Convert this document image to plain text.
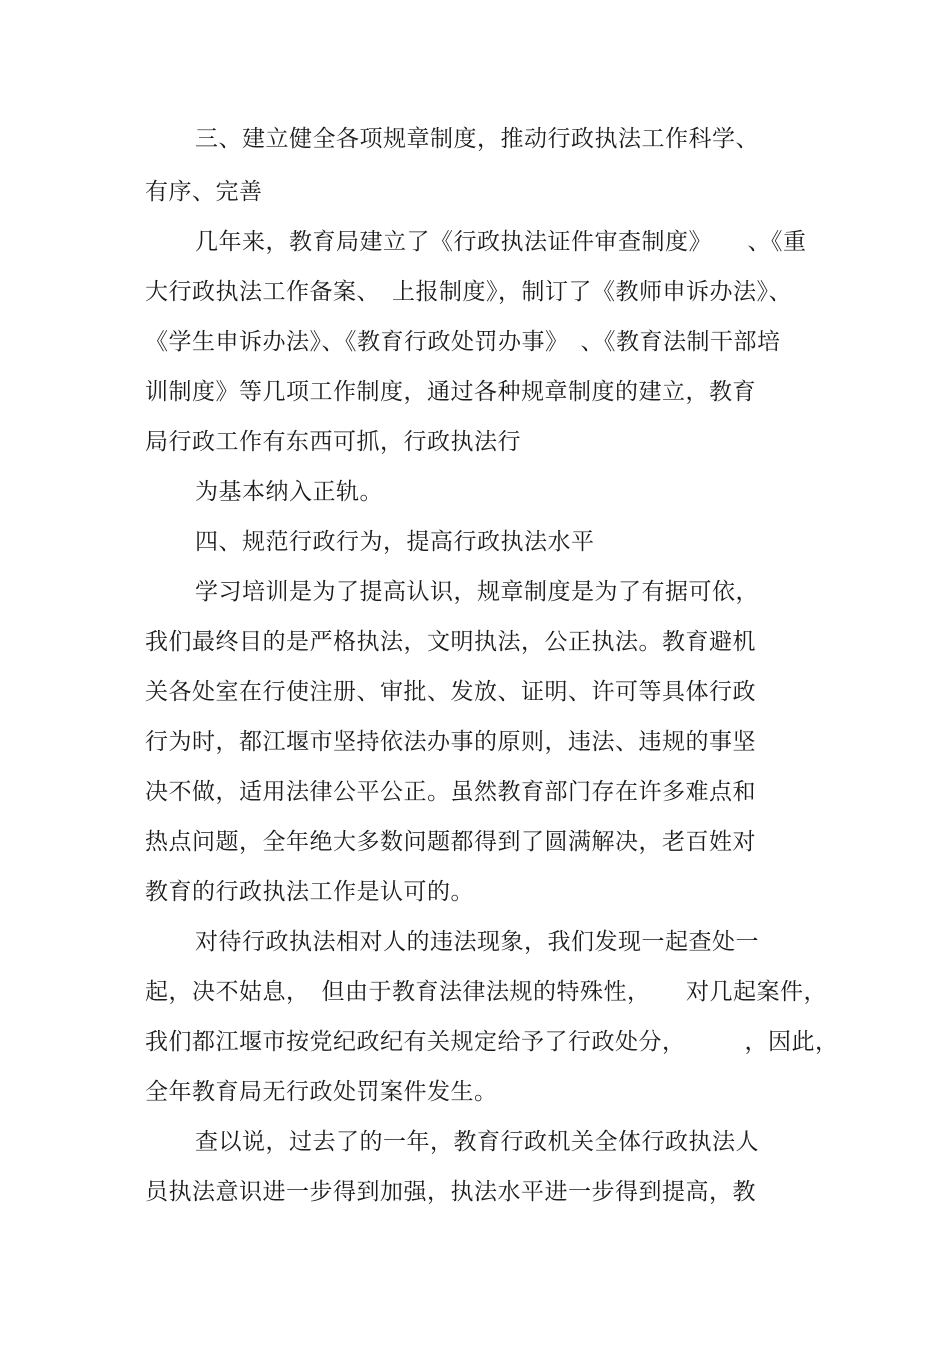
三、建立健全各项规章制度，推动行政执法工作科学、
有序、完善
几年来，教育局建立了《行政执法证件审查制度》　　、《重
大行政执法工作备案、　上报制度》，制订了《教师申诉办法》、
《学生申诉办法》、《教育行政处罚办事》　、《教育法制干部培
训制度》等几项工作制度，通过各种规章制度的建立，教育
局行政工作有东西可抓，行政执法行
为基本纳入正轨。
四、规范行政行为，提高行政执法水平
学习培训是为了提高认识，规章制度是为了有据可依，
我们最终目的是严格执法，文明执法，公正执法。教育避机
关各处室在行使注册、审批、发放、证明、许可等具体行政
行为时，都江堰市坚持依法办事的原则，违法、违规的事坚
决不做，适用法律公平公正。虽然教育部门存在许多难点和
热点问题，全年绝大多数问题都得到了圆满解决，老百姓对
教育的行政执法工作是认可的。
对待行政执法相对人的违法现象，我们发现一起查处一
起，决不姑息，　但由于教育法律法规的特殊性，　　对几起案件，
我们都江堰市按党纪政纪有关规定给予了行政处分，　　　，因此，
全年教育局无行政处罚案件发生。
查以说，过去了的一年，教育行政机关全体行政执法人
员执法意识进一步得到加强，执法水平进一步得到提高，教
